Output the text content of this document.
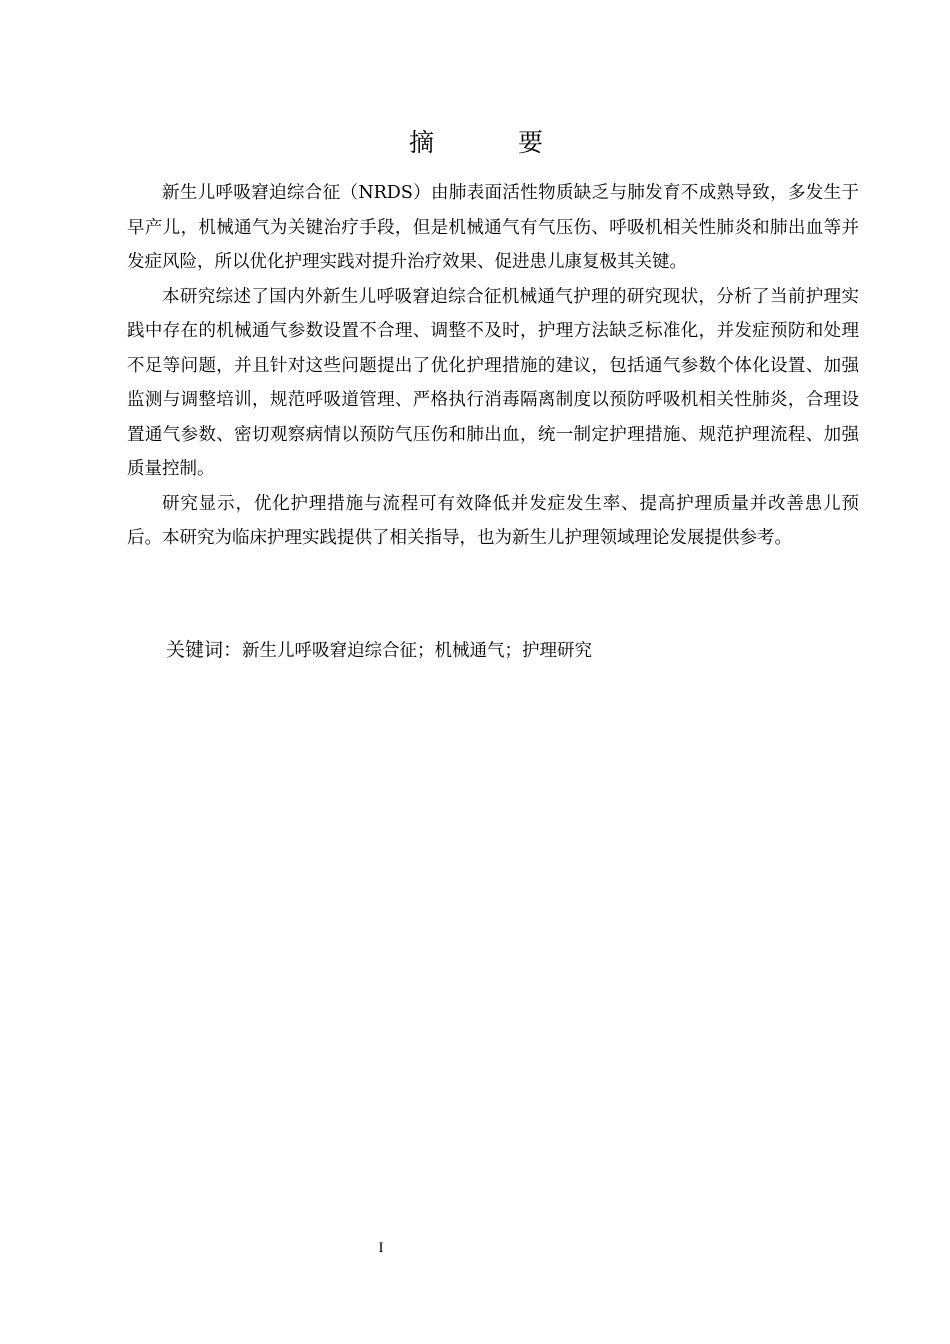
摘 要

新生儿呼吸窘迫综合征（NRDS）由肺表面活性物质缺乏与肺发育不成熟导致，多发生于早产儿，机械通气为关键治疗手段，但是机械通气有气压伤、呼吸机相关性肺炎和肺出血等并发症风险，所以优化护理实践对提升治疗效果、促进患儿康复极其关键。

本研究综述了国内外新生儿呼吸窘迫综合征机械通气护理的研究现状，分析了当前护理实践中存在的机械通气参数设置不合理、调整不及时，护理方法缺乏标准化，并发症预防和处理不足等问题，并且针对这些问题提出了优化护理措施的建议，包括通气参数个体化设置、加强监测与调整培训，规范呼吸道管理、严格执行消毒隔离制度以预防呼吸机相关性肺炎，合理设置通气参数、密切观察病情以预防气压伤和肺出血，统一制定护理措施、规范护理流程、加强质量控制。

研究显示，优化护理措施与流程可有效降低并发症发生率、提高护理质量并改善患儿预后。本研究为临床护理实践提供了相关指导，也为新生儿护理领域理论发展提供参考。

关键词：新生儿呼吸窘迫综合征；机械通气；护理研究
I
